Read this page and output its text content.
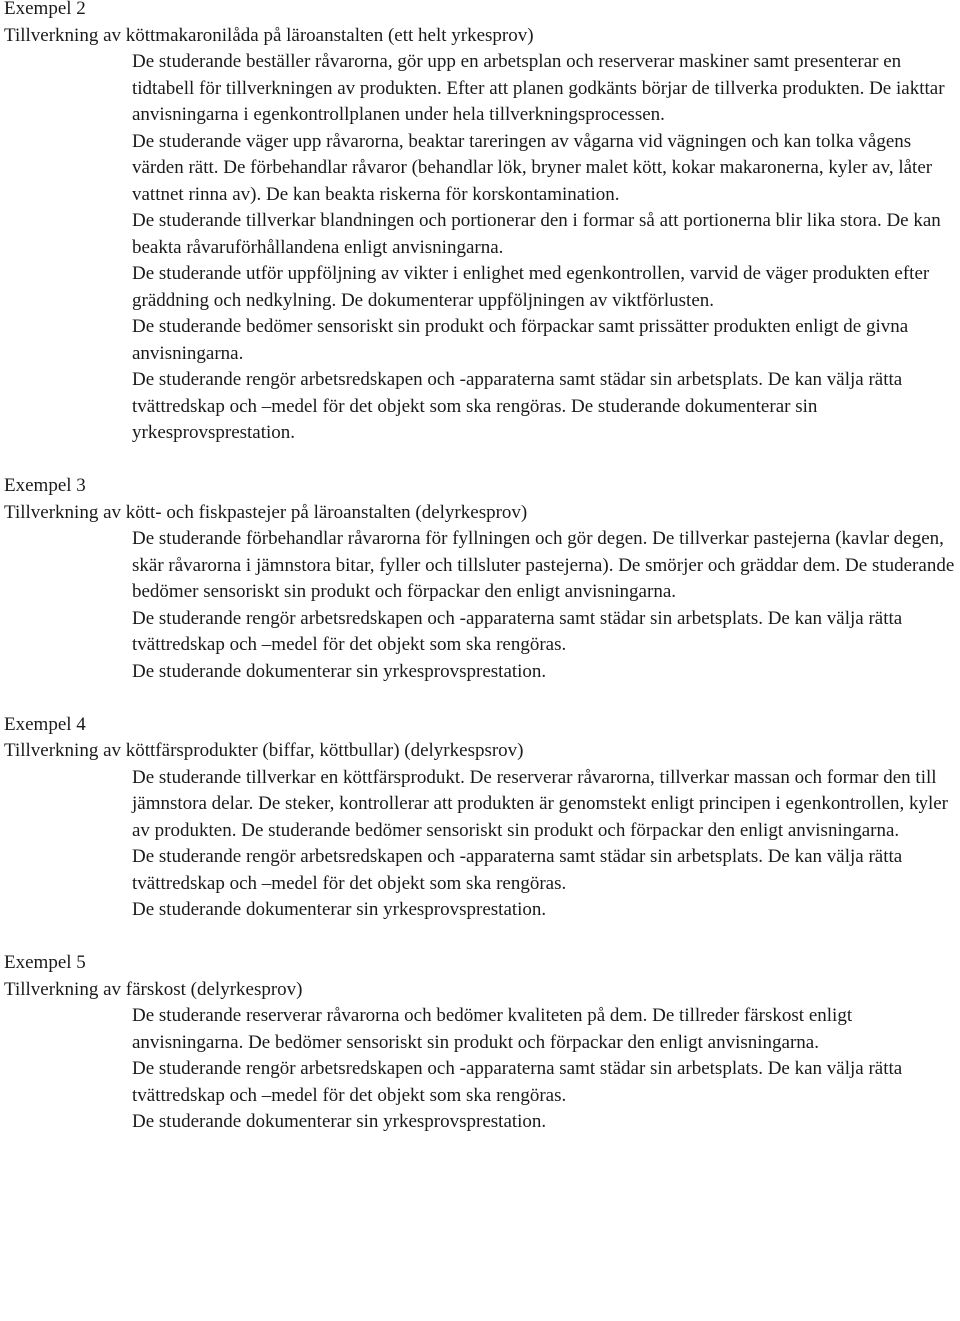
Exempel 2
Tillverkning av köttmakaronilåda på läroanstalten (ett helt yrkesprov)

De studerande beställer råvarorna, gör upp en arbetsplan och reserverar maskiner samt presenterar en tidtabell för tillverkningen av produkten. Efter att planen godkänts börjar de tillverka produkten. De iakttar anvisningarna i egenkontrollplanen under hela tillverkningsprocessen.

De studerande väger upp råvarorna, beaktar tareringen av vågarna vid vägningen och kan tolka vågens värden rätt. De förbehandlar råvaror (behandlar lök, bryner malet kött, kokar makaronerna, kyler av, låter vattnet rinna av). De kan beakta riskerna för korskontamination.

De studerande tillverkar blandningen och portionerar den i formar så att portionerna blir lika stora. De kan beakta råvaruförhållandena enligt anvisningarna.

De studerande utför uppföljning av vikter i enlighet med egenkontrollen, varvid de väger produkten efter gräddning och nedkylning. De dokumenterar uppföljningen av viktförlusten.

De studerande bedömer sensoriskt sin produkt och förpackar samt prissätter produkten enligt de givna anvisningarna.

De studerande rengör arbetsredskapen och -apparaterna samt städar sin arbetsplats. De kan välja rätta tvättredskap och –medel för det objekt som ska rengöras. De studerande dokumenterar sin yrkesprovsprestation.

Exempel 3
Tillverkning av kött- och fiskpastejer på läroanstalten (delyrkesprov)

De studerande förbehandlar råvarorna för fyllningen och gör degen. De tillverkar pastejerna (kavlar degen, skär råvarorna i jämnstora bitar, fyller och tillsluter pastejerna). De smörjer och gräddar dem. De studerande bedömer sensoriskt sin produkt och förpackar den enligt anvisningarna.

De studerande rengör arbetsredskapen och -apparaterna samt städar sin arbetsplats. De kan välja rätta tvättredskap och –medel för det objekt som ska rengöras.

De studerande dokumenterar sin yrkesprovsprestation.

Exempel 4
Tillverkning av köttfärsprodukter (biffar, köttbullar) (delyrkespsrov)

De studerande tillverkar en köttfärsprodukt. De reserverar råvarorna, tillverkar massan och formar den till jämnstora delar. De steker, kontrollerar att produkten är genomstekt enligt principen i egenkontrollen, kyler av produkten. De studerande bedömer sensoriskt sin produkt och förpackar den enligt anvisningarna.

De studerande rengör arbetsredskapen och -apparaterna samt städar sin arbetsplats. De kan välja rätta tvättredskap och –medel för det objekt som ska rengöras.

De studerande dokumenterar sin yrkesprovsprestation.

Exempel 5
Tillverkning av färskost (delyrkesprov)

De studerande reserverar råvarorna och bedömer kvaliteten på dem. De tillreder färskost enligt anvisningarna. De bedömer sensoriskt sin produkt och förpackar den enligt anvisningarna.

De studerande rengör arbetsredskapen och -apparaterna samt städar sin arbetsplats. De kan välja rätta tvättredskap och –medel för det objekt som ska rengöras.

De studerande dokumenterar sin yrkesprovsprestation.
